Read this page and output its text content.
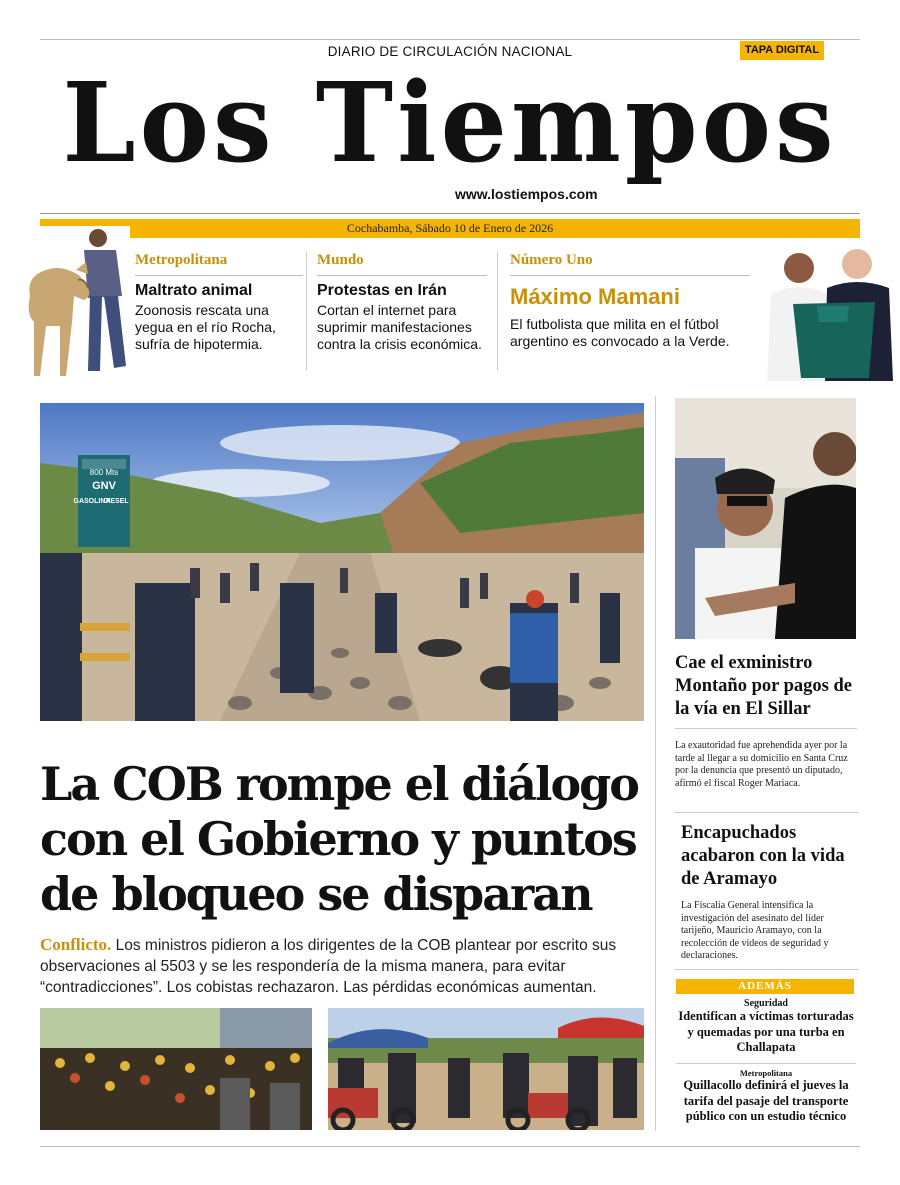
DIARIO DE CIRCULACIÓN NACIONAL	TAPA DIGITAL
Los Tiempos
www.lostiempos.com
Cochabamba, Sábado 10 de Enero de 2026
Metropolitana
Maltrato animal
Zoonosis rescata una yegua en el río Rocha, sufría de hipotermia.
Mundo
Protestas en Irán
Cortan el internet para suprimir manifestaciones contra la crisis económica.
Número Uno
Máximo Mamani
El futbolista que milita en el fútbol argentino es convocado a la Verde.
800 Mts
GNV
GASOLINA
DIESEL
La COB rompe el diálogo con el Gobierno y puntos de bloqueo se disparan
Conflicto. Los ministros pidieron a los dirigentes de la COB plantear por escrito sus observaciones al 5503 y se les respondería de la misma manera, para evitar “contradicciones”. Los cobistas rechazaron. Las pérdidas económicas aumentan.
Cae el exministro Montaño por pagos de la vía en El Sillar
La exautoridad fue aprehendida ayer por la tarde al llegar a su domicilio en Santa Cruz por la denuncia que presentó un diputado, afirmó el fiscal Roger Mariaca.
Encapuchados acabaron con la vida de Aramayo
La Fiscalía General intensifica la investigación del asesinato del líder tarijeño, Mauricio Aramayo, con la recolección de videos de seguridad y declaraciones.
ADEMÁS
Seguridad
Identifican a víctimas torturadas y quemadas por una turba en Challapata
Metropolitana
Quillacollo definirá el jueves la tarifa del pasaje del transporte público con un estudio técnico
